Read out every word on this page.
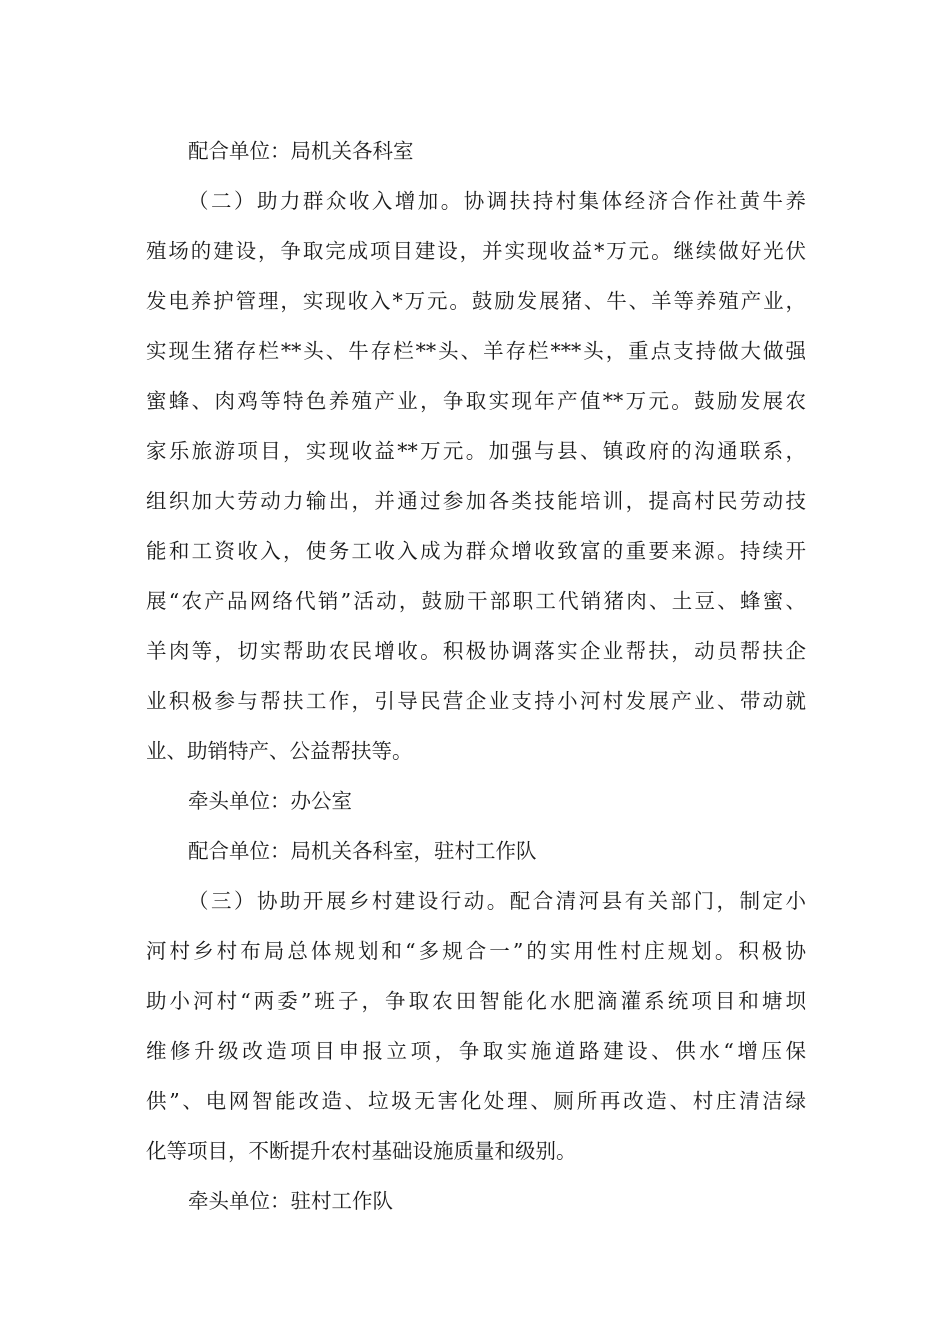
配合单位：局机关各科室
（二）助力群众收入增加。协调扶持村集体经济合作社黄牛养
殖场的建设，争取完成项目建设，并实现收益*万元。继续做好光伏
发电养护管理，实现收入*万元。鼓励发展猪、牛、羊等养殖产业，
实现生猪存栏**头、牛存栏**头、羊存栏***头，重点支持做大做强
蜜蜂、肉鸡等特色养殖产业，争取实现年产值**万元。鼓励发展农
家乐旅游项目，实现收益**万元。加强与县、镇政府的沟通联系，
组织加大劳动力输出，并通过参加各类技能培训，提高村民劳动技
能和工资收入，使务工收入成为群众增收致富的重要来源。持续开
展“农产品网络代销”活动，鼓励干部职工代销猪肉、土豆、蜂蜜、
羊肉等，切实帮助农民增收。积极协调落实企业帮扶，动员帮扶企
业积极参与帮扶工作，引导民营企业支持小河村发展产业、带动就
业、助销特产、公益帮扶等。
牵头单位：办公室
配合单位：局机关各科室，驻村工作队
（三）协助开展乡村建设行动。配合清河县有关部门，制定小
河村乡村布局总体规划和“多规合一”的实用性村庄规划。积极协
助小河村“两委”班子，争取农田智能化水肥滴灌系统项目和塘坝
维修升级改造项目申报立项，争取实施道路建设、供水“增压保
供”、电网智能改造、垃圾无害化处理、厕所再改造、村庄清洁绿
化等项目，不断提升农村基础设施质量和级别。
牵头单位：驻村工作队
